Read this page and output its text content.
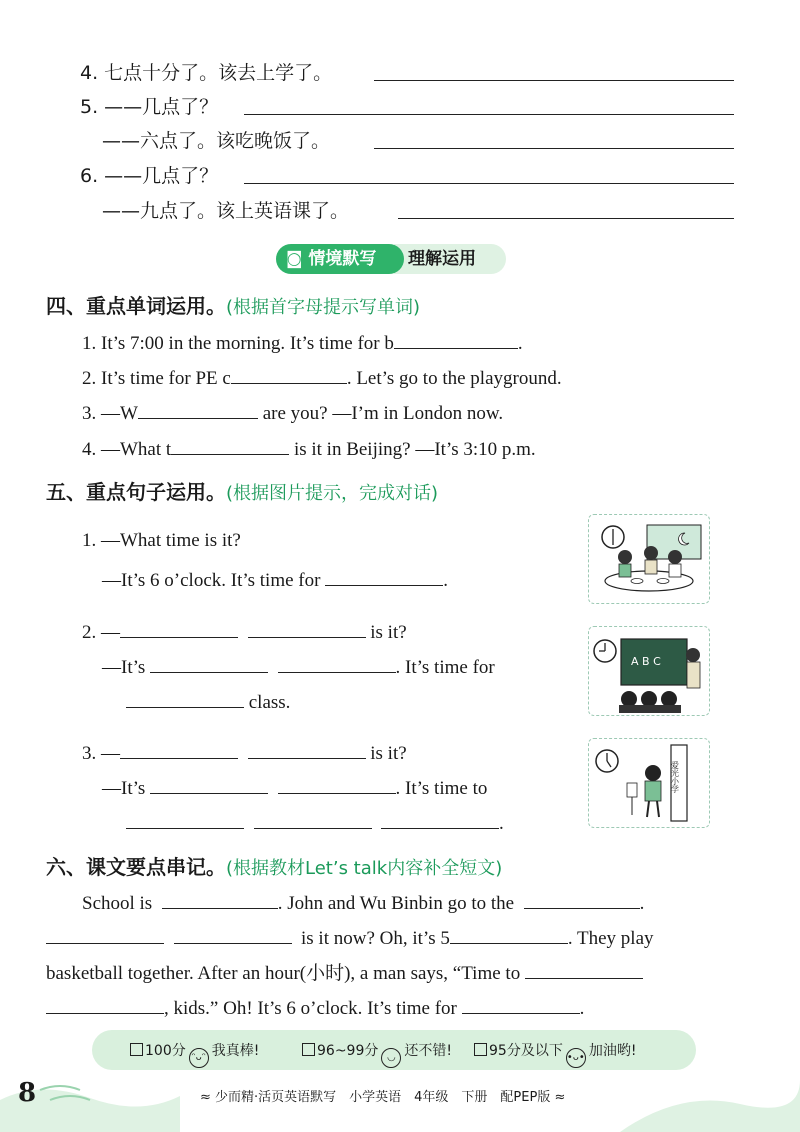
4. 七点十分了。该去上学了。
5. ——几点了？
——六点了。该吃晚饭了。
6. ——几点了？
——九点了。该上英语课了。
理解运用
◙ 情境默写
四、重点单词运用。(根据首字母提示写单词)
1. It’s 7:00 in the morning. It’s time for b	.
2. It’s time for PE c	. Let’s go to the playground.
3. —W	are you? —I’m in London now.
4. —What t	is it in Beijing? —It’s 3:10 p.m.
五、重点句子运用。(根据图片提示，完成对话)
1. —What time is it?
—It’s 6 o’clock. It’s time for	.
2. —	is it?
—It’s	. It’s time for
class.
3. —	is it?
—It’s	. It’s time to
.
A B C
爱光小学
六、课文要点串记。(根据教材Let’s talk内容补全短文)
School is	. John and Wu Binbin go to the	.
is it now? Oh, it’s 5	. They play
basketball together. After an hour(小时), a man says, “Time to
, kids.” Oh! It’s 6 o’clock. It’s time for	.
100分 ᵔᴗᵔ 我真棒!	96~99分 ◡ 还不错!	95分及以下 •ᴗ• 加油哟!
8	≈ 少而精·活页英语默写　小学英语　4年级　下册　配PEP版 ≈
